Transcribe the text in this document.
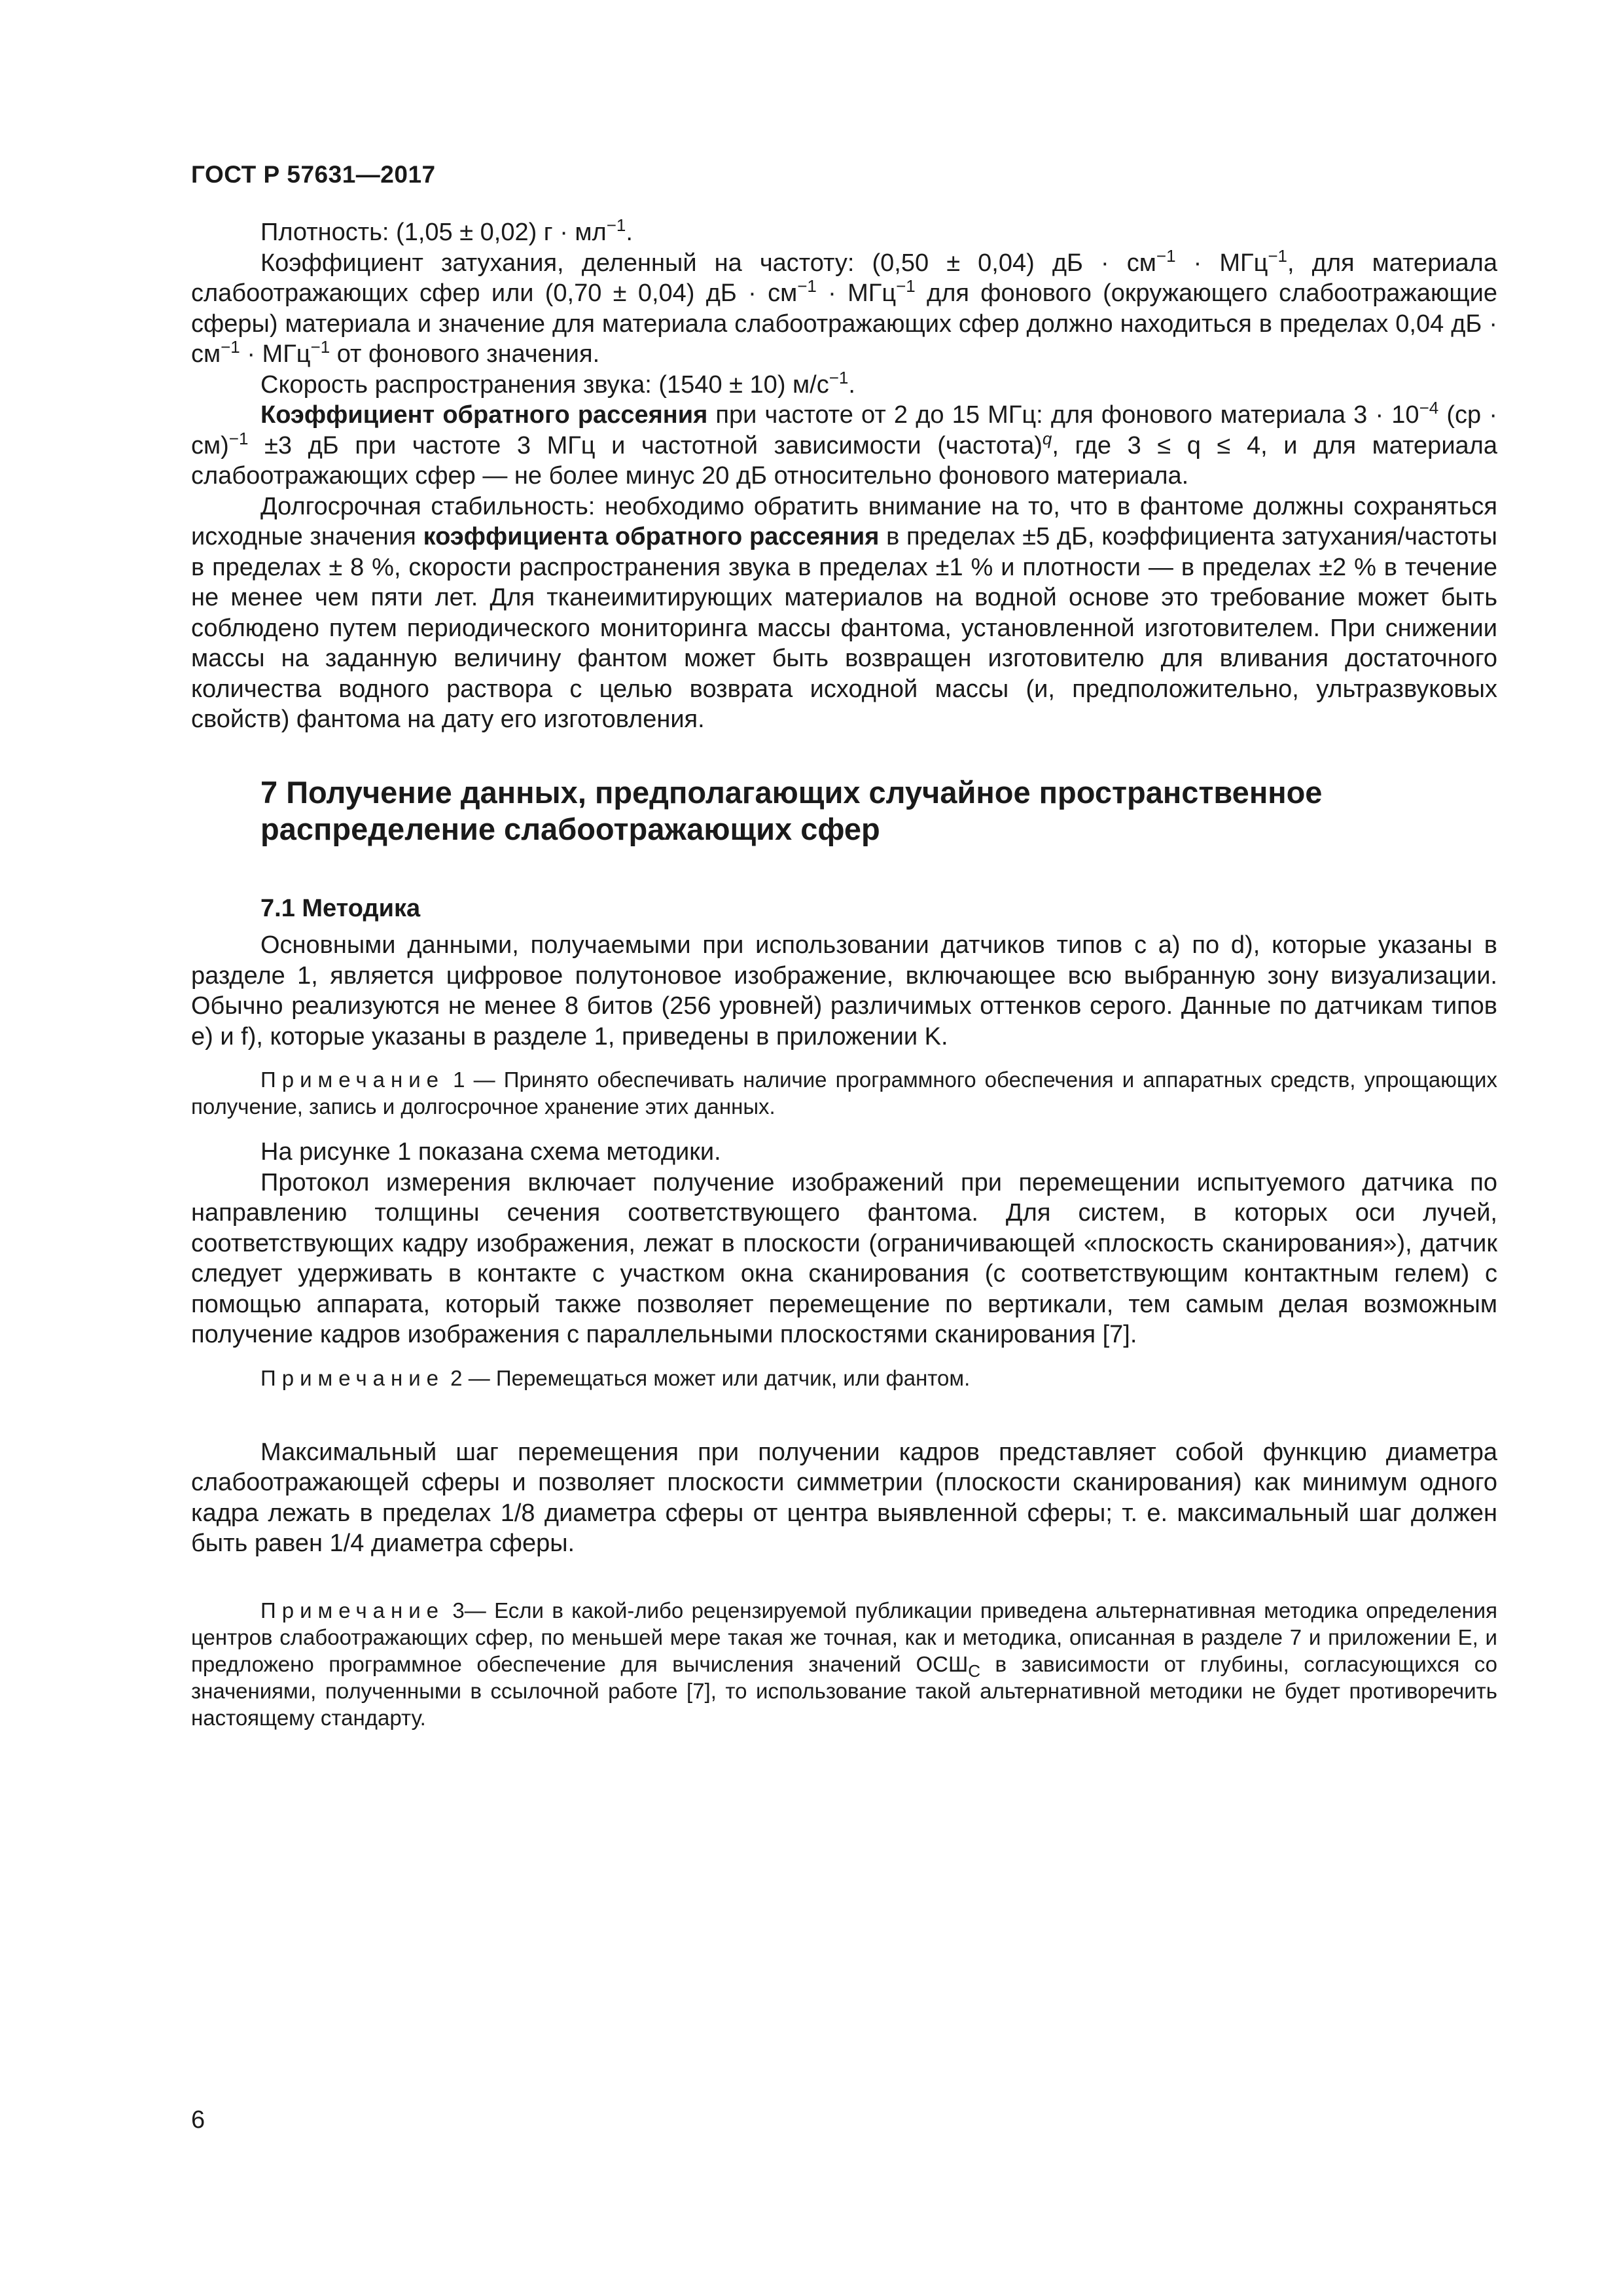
ГОСТ Р 57631—2017

Плотность: (1,05 ± 0,02) $г \cdot мл^{-1}$.

Коэффициент затухания, деленный на частоту: (0,50 ± 0,04) дБ · $см^{-1} \cdot МГц^{-1}$, для материала слабоотражающих сфер или (0,70 ± 0,04) дБ · $см^{-1} \cdot МГц^{-1}$ для фонового (окружающего слабоотражающие сферы) материала и значение для материала слабоотражающих сфер должно находиться в пределах 0,04 дБ · $см^{-1} \cdot МГц^{-1}$ от фонового значения.

Скорость распространения звука: (1540 ± 10) $м/с^{-1}$.

Коэффициент обратного рассеяния при частоте от 2 до 15 МГц: для фонового материала $3 \cdot 10^{-4}$ (ср · см)$^{-1}$ ±3 дБ при частоте 3 МГц и частотной зависимости (частота)$^q$, где 3 ≤ q ≤ 4, и для материала слабоотражающих сфер — не более минус 20 дБ относительно фонового материала.

Долгосрочная стабильность: необходимо обратить внимание на то, что в фантоме должны сохраняться исходные значения коэффициента обратного рассеяния в пределах ±5 дБ, коэффициента затухания/частоты в пределах ± 8 %, скорости распространения звука в пределах ±1 % и плотности — в пределах ±2 % в течение не менее чем пяти лет. Для тканеимитирующих материалов на водной основе это требование может быть соблюдено путем периодического мониторинга массы фантома, установленной изготовителем. При снижении массы на заданную величину фантом может быть возвращен изготовителю для вливания достаточного количества водного раствора с целью возврата исходной массы (и, предположительно, ультразвуковых свойств) фантома на дату его изготовления.

7 Получение данных, предполагающих случайное пространственное
распределение слабоотражающих сфер
7.1 Методика

Основными данными, получаемыми при использовании датчиков типов с а) по d), которые указаны в разделе 1, является цифровое полутоновое изображение, включающее всю выбранную зону визуализации. Обычно реализуются не менее 8 битов (256 уровней) различимых оттенков серого. Данные по датчикам типов е) и f), которые указаны в разделе 1, приведены в приложении K.

Примечание 1 — Принято обеспечивать наличие программного обеспечения и аппаратных средств, упрощающих получение, запись и долгосрочное хранение этих данных.

На рисунке 1 показана схема методики.

Протокол измерения включает получение изображений при перемещении испытуемого датчика по направлению толщины сечения соответствующего фантома. Для систем, в которых оси лучей, соответствующих кадру изображения, лежат в плоскости (ограничивающей «плоскость сканирования»), датчик следует удерживать в контакте с участком окна сканирования (с соответствующим контактным гелем) с помощью аппарата, который также позволяет перемещение по вертикали, тем самым делая возможным получение кадров изображения с параллельными плоскостями сканирования [7].

Примечание 2 — Перемещаться может или датчик, или фантом.

Максимальный шаг перемещения при получении кадров представляет собой функцию диаметра слабоотражающей сферы и позволяет плоскости симметрии (плоскости сканирования) как минимум одного кадра лежать в пределах 1/8 диаметра сферы от центра выявленной сферы; т. е. максимальный шаг должен быть равен 1/4 диаметра сферы.

Примечание 3— Если в какой-либо рецензируемой публикации приведена альтернативная методика определения центров слабоотражающих сфер, по меньшей мере такая же точная, как и методика, описанная в разделе 7 и приложении Е, и предложено программное обеспечение для вычисления значений $ОСШ_С$ в зависимости от глубины, согласующихся со значениями, полученными в ссылочной работе [7], то использование такой альтернативной методики не будет противоречить настоящему стандарту.
6
